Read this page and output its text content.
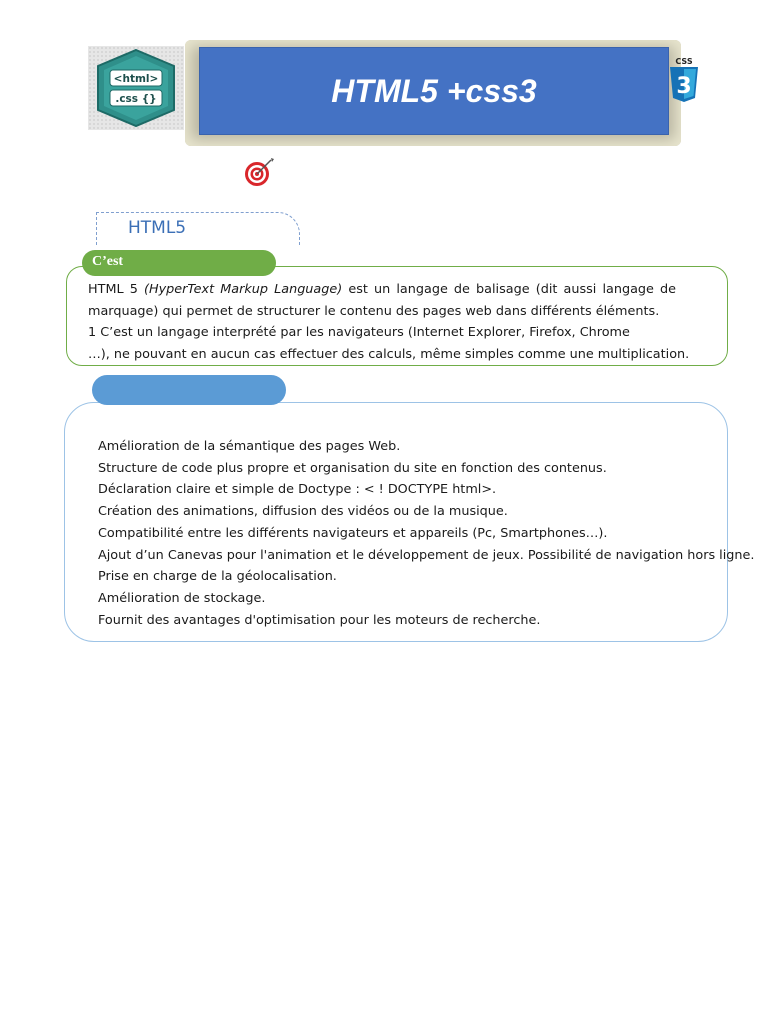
<html>
.css {}	HTML5 +css3
CSS
3
HTML5
C’est
HTML 5 (HyperText Markup Language) est un langage de balisage (dit aussi langage de
marquage) qui permet de structurer le contenu des pages web dans différents éléments.
1 C’est un langage interprété par les navigateurs (Internet Explorer, Firefox, Chrome
…), ne pouvant en aucun cas effectuer des calculs, même simples comme une multiplication.
Amélioration de la sémantique des pages Web.
Structure de code plus propre et organisation du site en fonction des contenus.
Déclaration claire et simple de Doctype : < ! DOCTYPE html>.
Création des animations, diffusion des vidéos ou de la musique.
Compatibilité entre les différents navigateurs et appareils (Pc, Smartphones…).
Ajout d’un Canevas pour l'animation et le développement de jeux. Possibilité de navigation hors ligne.
Prise en charge de la géolocalisation.
Amélioration de stockage.
Fournit des avantages d'optimisation pour les moteurs de recherche.
